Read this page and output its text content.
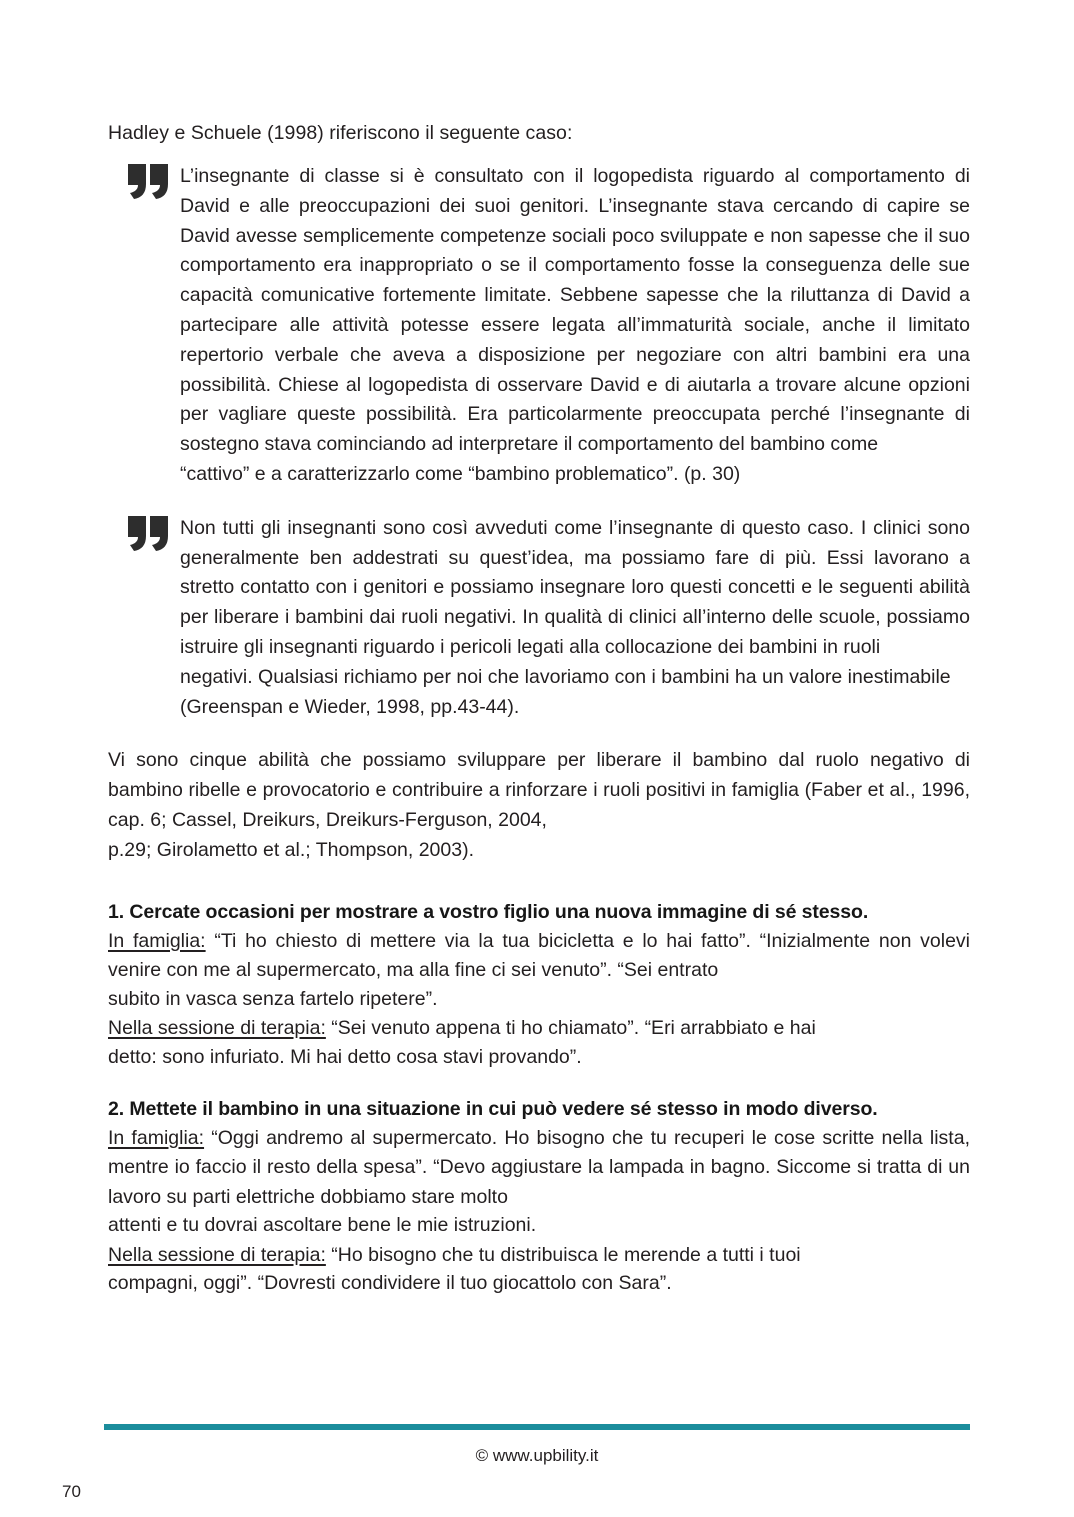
Hadley e Schuele (1998) riferiscono il seguente caso:

L’insegnante di classe si è consultato con il logopedista riguardo al comportamento di David e alle preoccupazioni dei suoi genitori. L’insegnante stava cercando di capire se David avesse semplicemente competenze sociali poco sviluppate e non sapesse che il suo comportamento era inappropriato o se il comportamento fosse la conseguenza delle sue capacità comunicative fortemente limitate. Sebbene sapesse che la riluttanza di David a partecipare alle attività potesse essere legata all’immaturità sociale, anche il limitato repertorio verbale che aveva a disposizione per negoziare con altri bambini era una possibilità. Chiese al logopedista di osservare David e di aiutarla a trovare alcune opzioni per vagliare queste possibilità. Era particolarmente preoccupata perché l’insegnante di sostegno stava cominciando ad interpretare il comportamento del bambino come

“cattivo” e a caratterizzarlo come “bambino problematico”. (p. 30)

Non tutti gli insegnanti sono così avveduti come l’insegnante di questo caso. I clinici sono generalmente ben addestrati su quest’idea, ma possiamo fare di più. Essi lavorano a stretto contatto con i genitori e possiamo insegnare loro questi concetti e le seguenti abilità per liberare i bambini dai ruoli negativi. In qualità di clinici all’interno delle scuole, possiamo istruire gli insegnanti riguardo i pericoli legati alla collocazione dei bambini in ruoli

negativi. Qualsiasi richiamo per noi che lavoriamo con i bambini ha un valore inestimabile (Greenspan e Wieder, 1998, pp.43-44).

Vi sono cinque abilità che possiamo sviluppare per liberare il bambino dal ruolo negativo di bambino ribelle e provocatorio e contribuire a rinforzare i ruoli positivi in famiglia (Faber et al., 1996, cap. 6; Cassel, Dreikurs, Dreikurs-Ferguson, 2004,

p.29; Girolametto et al.; Thompson, 2003).

1. Cercate occasioni per mostrare a vostro figlio una nuova immagine di sé stesso.

In famiglia: “Ti ho chiesto di mettere via la tua bicicletta e lo hai fatto”. “Inizialmente non volevi venire con me al supermercato, ma alla fine ci sei venuto”. “Sei entrato

subito in vasca senza fartelo ripetere”.

Nella sessione di terapia: “Sei venuto appena ti ho chiamato”. “Eri arrabbiato e hai

detto: sono infuriato. Mi hai detto cosa stavi provando”.

2. Mettete il bambino in una situazione in cui può vedere sé stesso in modo diverso.

In famiglia: “Oggi andremo al supermercato. Ho bisogno che tu recuperi le cose scritte nella lista, mentre io faccio il resto della spesa”. “Devo aggiustare la lampada in bagno. Siccome si tratta di un lavoro su parti elettriche dobbiamo stare molto

attenti e tu dovrai ascoltare bene le mie istruzioni.

Nella sessione di terapia: “Ho bisogno che tu distribuisca le merende a tutti i tuoi

compagni, oggi”. “Dovresti condividere il tuo giocattolo con Sara”.

© www.upbility.it
70
